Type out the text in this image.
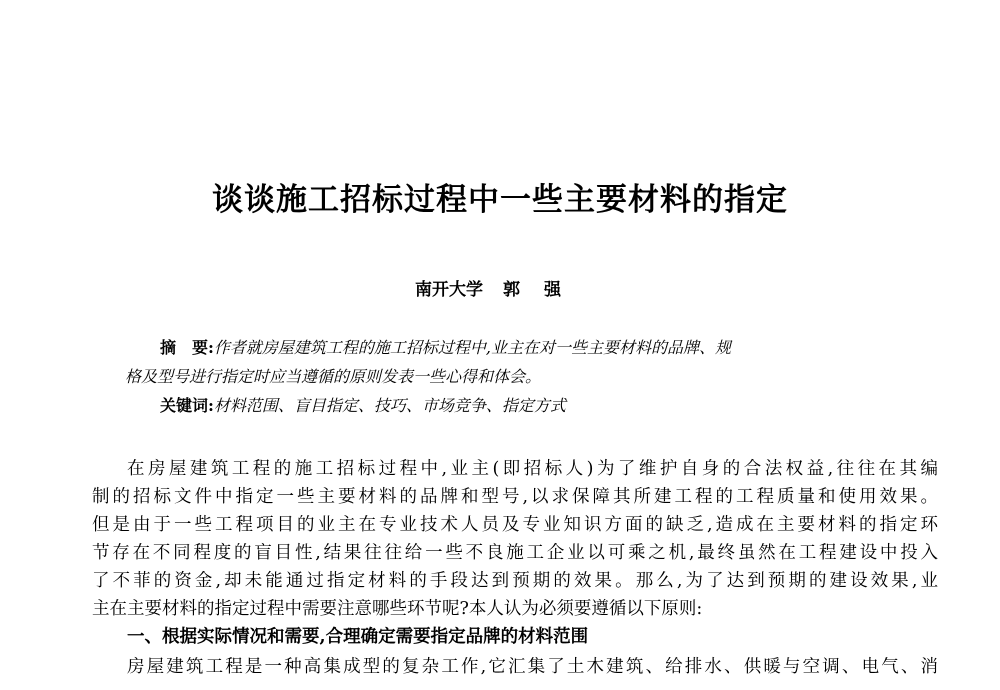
谈谈施工招标过程中一些主要材料的指定
南开大学 郭强
摘　要:作者就房屋建筑工程的施工招标过程中,业主在对一些主要材料的品牌、规
格及型号进行指定时应当遵循的原则发表一些心得和体会。
关键词:材料范围、盲目指定、技巧、市场竞争、指定方式
在房屋建筑工程的施工招标过程中,业主(即招标人)为了维护自身的合法权益,往往在其编
制的招标文件中指定一些主要材料的品牌和型号,以求保障其所建工程的工程质量和使用效果。
但是由于一些工程项目的业主在专业技术人员及专业知识方面的缺乏,造成在主要材料的指定环
节存在不同程度的盲目性,结果往往给一些不良施工企业以可乘之机,最终虽然在工程建设中投入
了不菲的资金,却未能通过指定材料的手段达到预期的效果。那么,为了达到预期的建设效果,业
主在主要材料的指定过程中需要注意哪些环节呢?本人认为必须要遵循以下原则:
一、根据实际情况和需要,合理确定需要指定品牌的材料范围
房屋建筑工程是一种高集成型的复杂工作,它汇集了土木建筑、给排水、供暖与空调、电气、消
